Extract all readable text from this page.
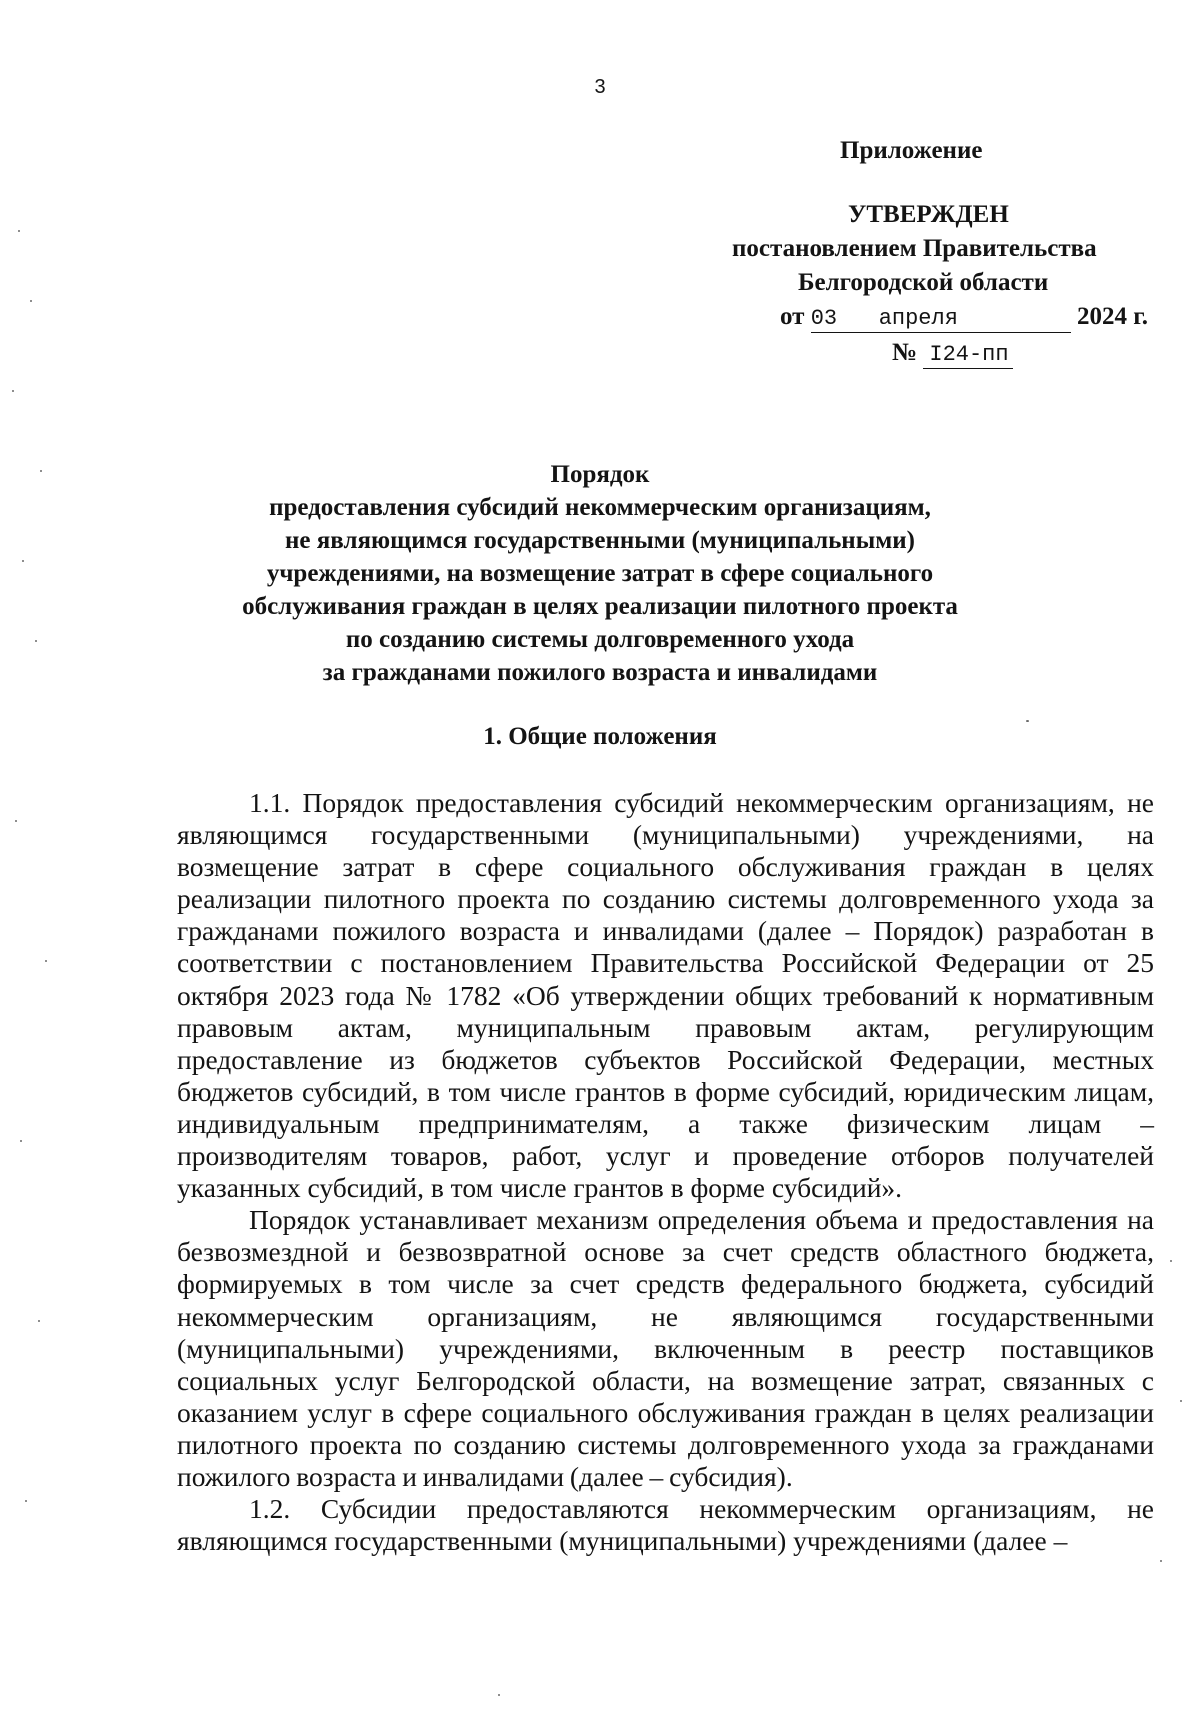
3
Приложение
УТВЕРЖДЕН
постановлением Правительства
Белгородской области
от 03 апреля	2024 г.
№ I24-пп
Порядок
предоставления субсидий некоммерческим организациям,
не являющимся государственными (муниципальными)
учреждениями, на возмещение затрат в сфере социального
обслуживания граждан в целях реализации пилотного проекта
по созданию системы долговременного ухода
за гражданами пожилого возраста и инвалидами
1. Общие положения

1.1. Порядок предоставления субсидий некоммерческим организациям, не являющимся государственными (муниципальными) учреждениями, на возмещение затрат в сфере социального обслуживания граждан в целях реализации пилотного проекта по созданию системы долговременного ухода за гражданами пожилого возраста и инвалидами (далее – Порядок) разработан в соответствии с постановлением Правительства Российской Федерации от 25 октября 2023 года № 1782 «Об утверждении общих требований к нормативным правовым актам, муниципальным правовым актам, регулирующим предоставление из бюджетов субъектов Российской Федерации, местных бюджетов субсидий, в том числе грантов в форме субсидий, юридическим лицам, индивидуальным предпринимателям, а также физическим лицам – производителям товаров, работ, услуг и проведение отборов получателей указанных субсидий, в том числе грантов в форме субсидий».

Порядок устанавливает механизм определения объема и предоставления на безвозмездной и безвозвратной основе за счет средств областного бюджета, формируемых в том числе за счет средств федерального бюджета, субсидий некоммерческим организациям, не являющимся государственными (муниципальными) учреждениями, включенным в реестр поставщиков социальных услуг Белгородской области, на возмещение затрат, связанных с оказанием услуг в сфере социального обслуживания граждан в целях реализации пилотного проекта по созданию системы долговременного ухода за гражданами пожилого возраста и инвалидами (далее – субсидия).

1.2. Субсидии предоставляются некоммерческим организациям, не являющимся государственными (муниципальными) учреждениями (далее –
